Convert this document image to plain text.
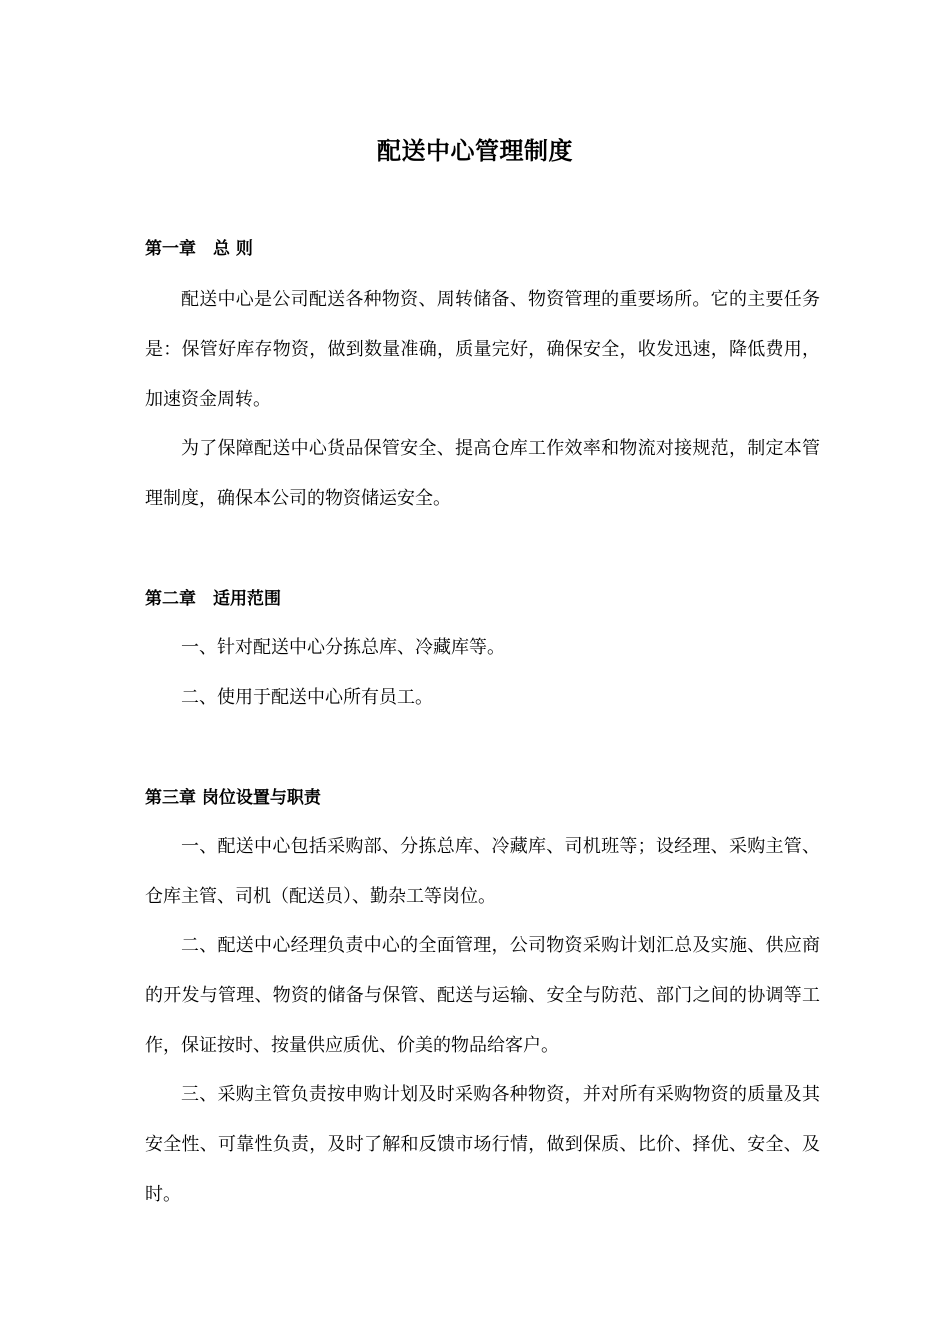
配送中心管理制度
第一章　总 则
配送中心是公司配送各种物资、周转储备、物资管理的重要场所。它的主要任务是：保管好库存物资，做到数量准确，质量完好，确保安全，收发迅速，降低费用，加速资金周转。
为了保障配送中心货品保管安全、提高仓库工作效率和物流对接规范，制定本管理制度，确保本公司的物资储运安全。
第二章　适用范围
一、针对配送中心分拣总库、冷藏库等。
二、使用于配送中心所有员工。
第三章 岗位设置与职责
一、配送中心包括采购部、分拣总库、冷藏库、司机班等；设经理、采购主管、仓库主管、司机（配送员）、勤杂工等岗位。
二、配送中心经理负责中心的全面管理，公司物资采购计划汇总及实施、供应商的开发与管理、物资的储备与保管、配送与运输、安全与防范、部门之间的协调等工作，保证按时、按量供应质优、价美的物品给客户。
三、采购主管负责按申购计划及时采购各种物资，并对所有采购物资的质量及其安全性、可靠性负责，及时了解和反馈市场行情，做到保质、比价、择优、安全、及时。
